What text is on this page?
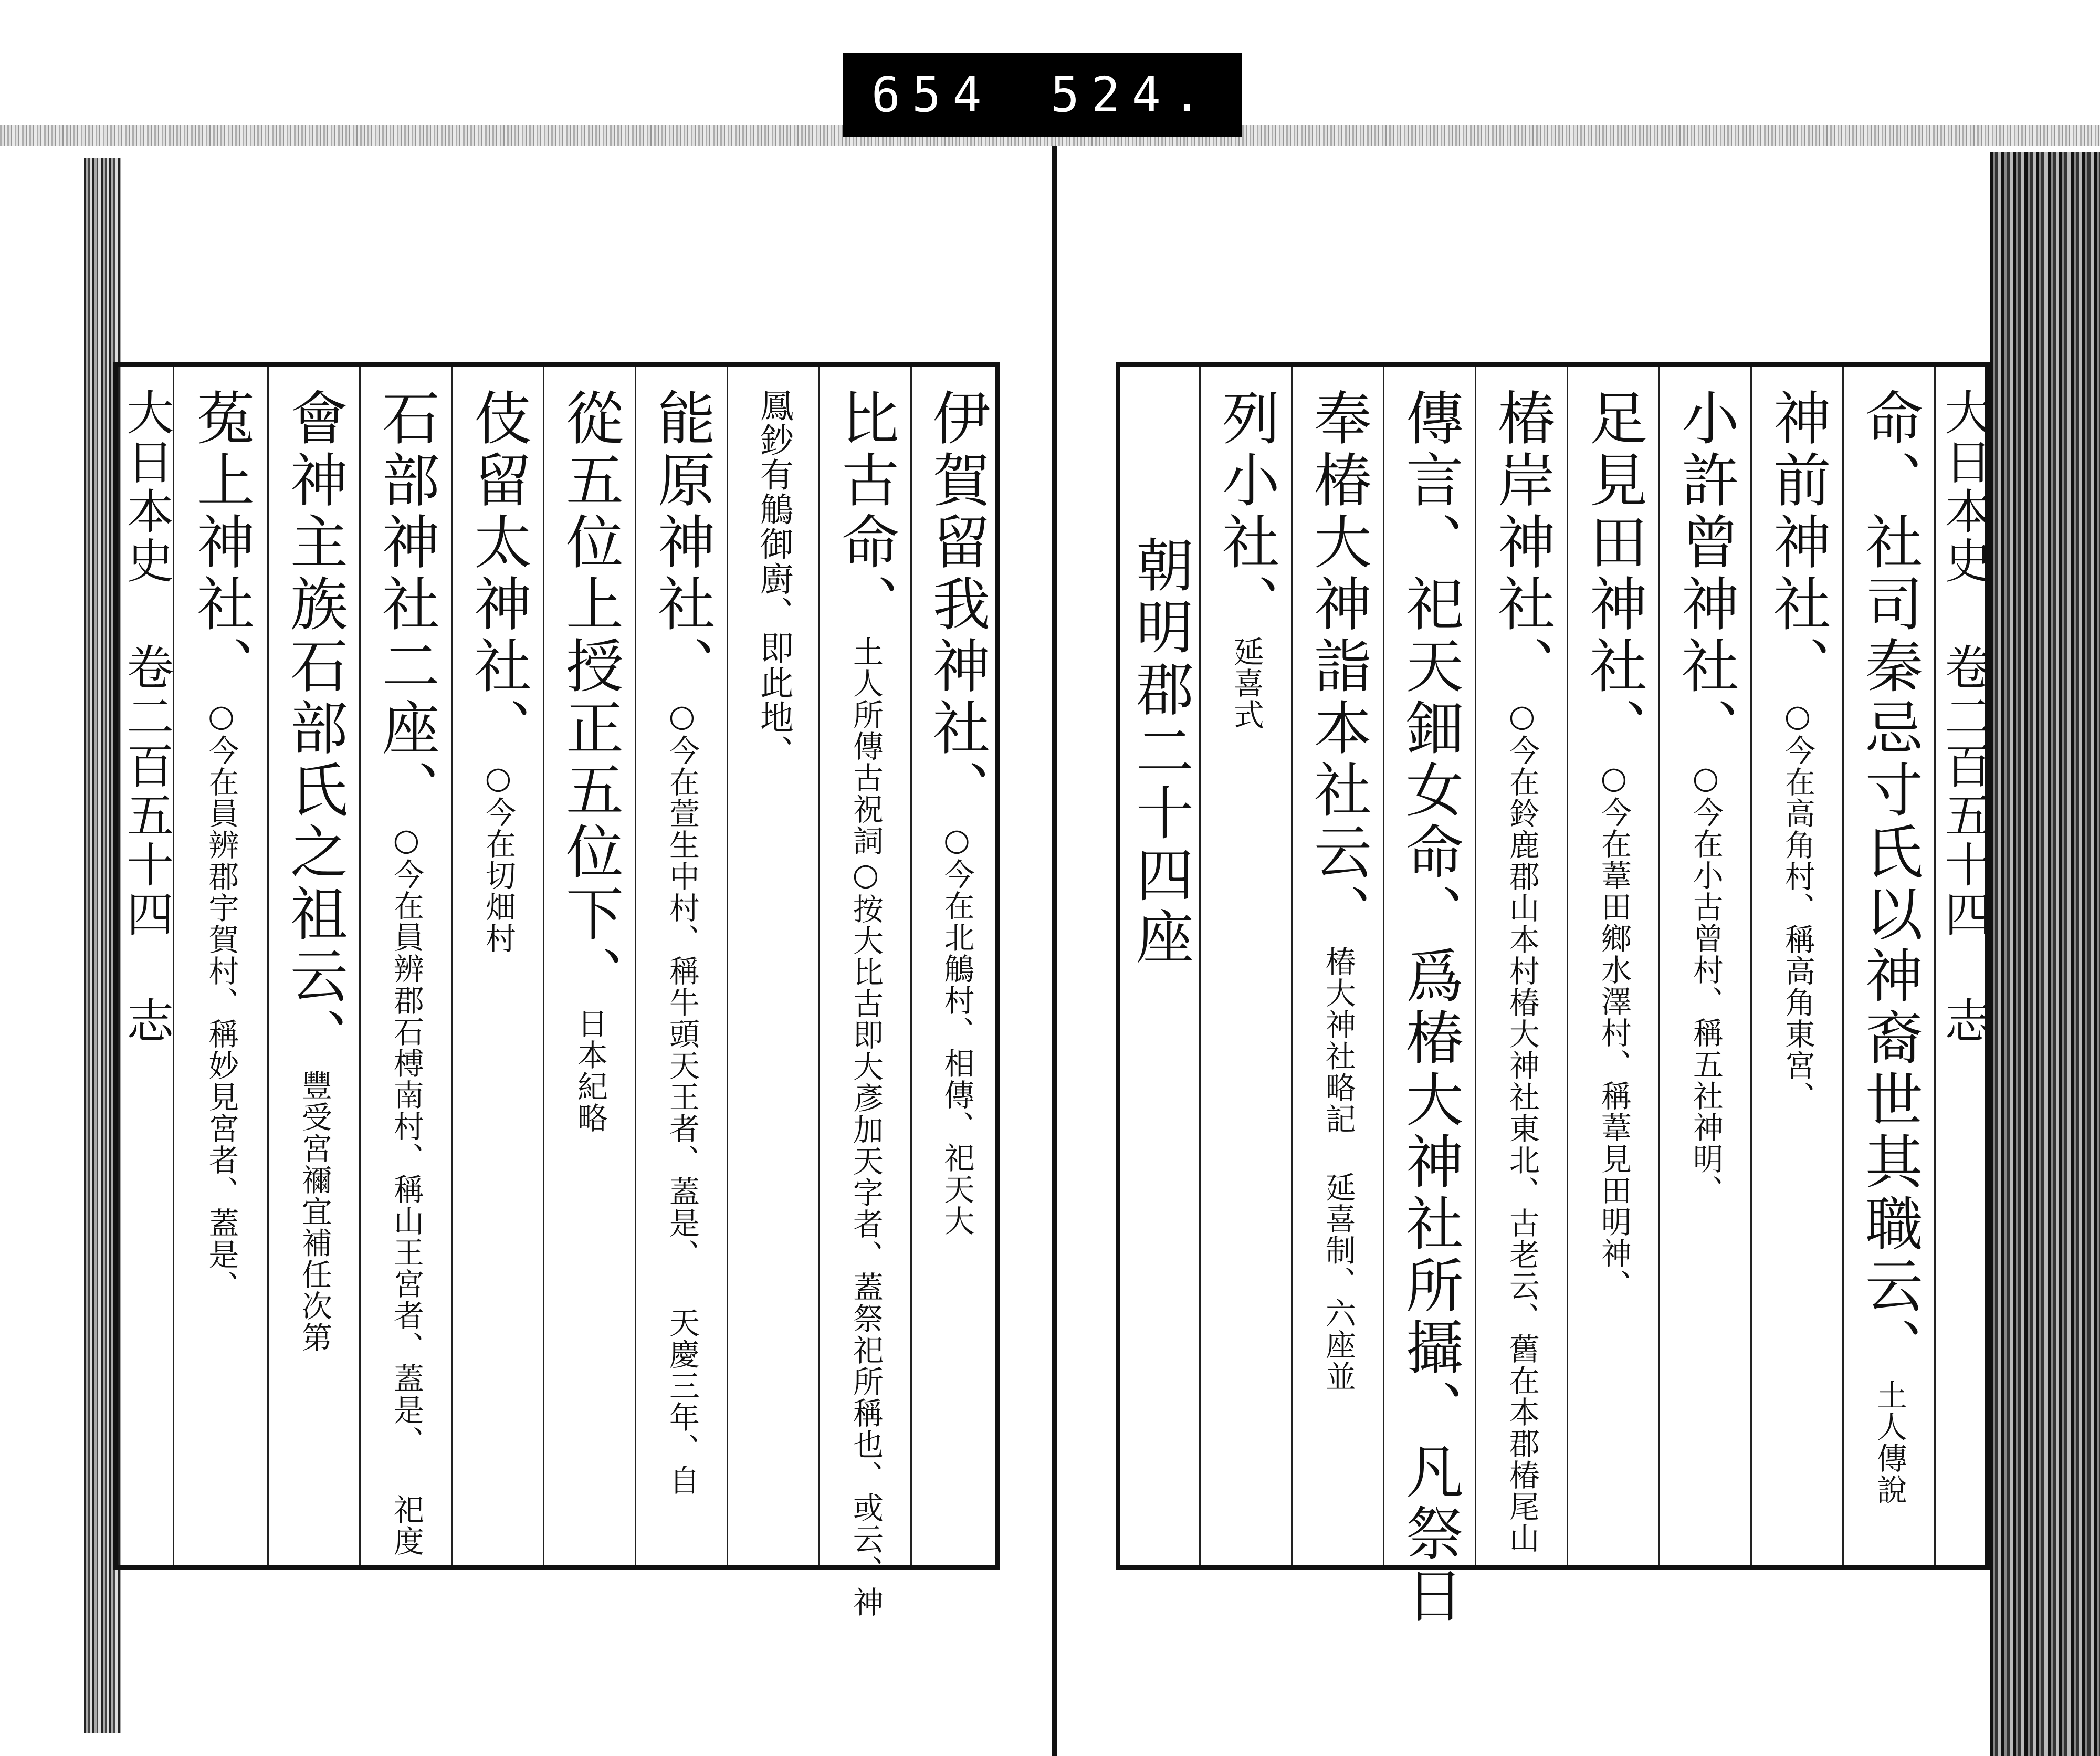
654 524.
大日本史 卷二百五十四 志	伊賀留我神社、○今在北鵤村、相傳、祀天大
比古命、土人所傳古祝詞○按大比古即大彥加天字者、蓋祭祀所稱也、或云、神
鳳鈔有鵤御廚、即此地、
能原神社、○今在萱生中村、稱牛頭天王者、蓋是、 天慶三年、自
從五位上授正五位下、日本紀略
伎留太神社、○今在切畑村
石部神社二座、○今在員辨郡石榑南村、稱山王宮者、蓋是、 祀度
會神主族石部氏之祖云、豐受宮禰宜補任次第
菟上神社、○今在員辨郡宇賀村、稱妙見宮者、蓋是、	大日本史 卷二百五十四 志
命、社司秦忌寸氏以神裔世其職云、土人傳說
神前神社、○今在高角村、稱高角東宮、
小許曾神社、○今在小古曾村、稱五社神明、
足見田神社、○今在葦田鄉水澤村、稱葦見田明神、
椿岸神社、○今在鈴鹿郡山本村椿大神社東北、古老云、舊在本郡椿尾山
傳言、祀天鈿女命、爲椿大神社所攝、凡祭日
奉椿大神詣本社云、椿大神社略記 延喜制、六座並
列小社、延喜式
朝明郡二十四座
